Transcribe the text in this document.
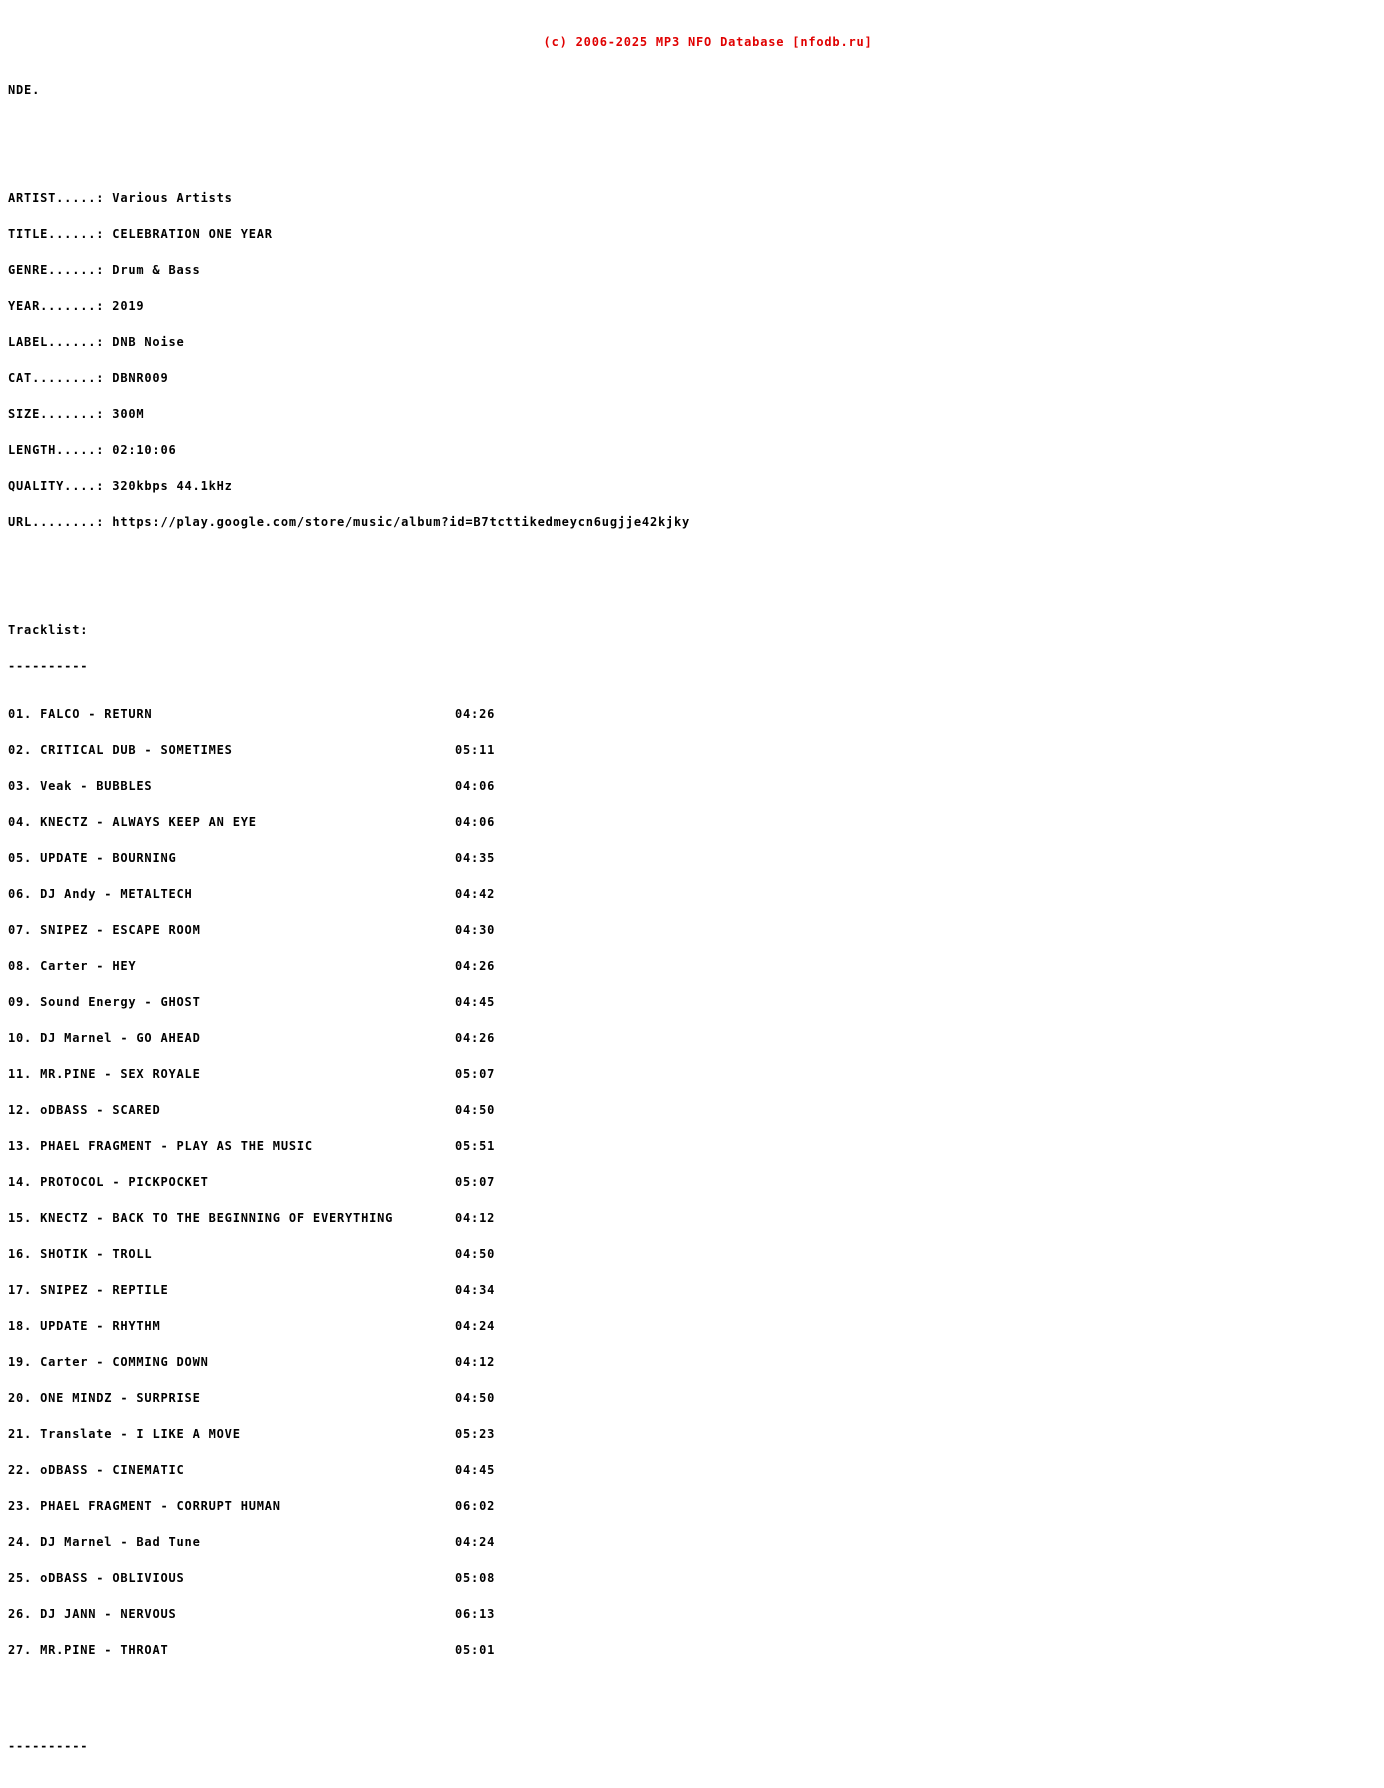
(c) 2006-2025 MP3 NFO Database [nfodb.ru]

NDE.

ARTIST.....: Various Artists

TITLE......: CELEBRATION ONE YEAR

GENRE......: Drum & Bass

YEAR.......: 2019

LABEL......: DNB Noise

CAT........: DBNR009

SIZE.......: 300M

LENGTH.....: 02:10:06

QUALITY....: 320kbps 44.1kHz

URL........: https://play.google.com/store/music/album?id=B7tcttikedmeycn6ugjje42kjky

Tracklist:

----------

01. FALCO - RETURN	04:26

02. CRITICAL DUB - SOMETIMES	05:11

03. Veak - BUBBLES	04:06

04. KNECTZ - ALWAYS KEEP AN EYE	04:06

05. UPDATE - BOURNING	04:35

06. DJ Andy - METALTECH	04:42

07. SNIPEZ - ESCAPE ROOM	04:30

08. Carter - HEY	04:26

09. Sound Energy - GHOST	04:45

10. DJ Marnel - GO AHEAD	04:26

11. MR.PINE - SEX ROYALE	05:07

12. oDBASS - SCARED	04:50

13. PHAEL FRAGMENT - PLAY AS THE MUSIC	05:51

14. PROTOCOL - PICKPOCKET	05:07

15. KNECTZ - BACK TO THE BEGINNING OF EVERYTHING	04:12

16. SHOTIK - TROLL	04:50

17. SNIPEZ - REPTILE	04:34

18. UPDATE - RHYTHM	04:24

19. Carter - COMMING DOWN	04:12

20. ONE MINDZ - SURPRISE	04:50

21. Translate - I LIKE A MOVE	05:23

22. oDBASS - CINEMATIC	04:45

23. PHAEL FRAGMENT - CORRUPT HUMAN	06:02

24. DJ Marnel - Bad Tune	04:24

25. oDBASS - OBLIVIOUS	05:08

26. DJ JANN - NERVOUS	06:13

27. MR.PINE - THROAT	05:01

----------
